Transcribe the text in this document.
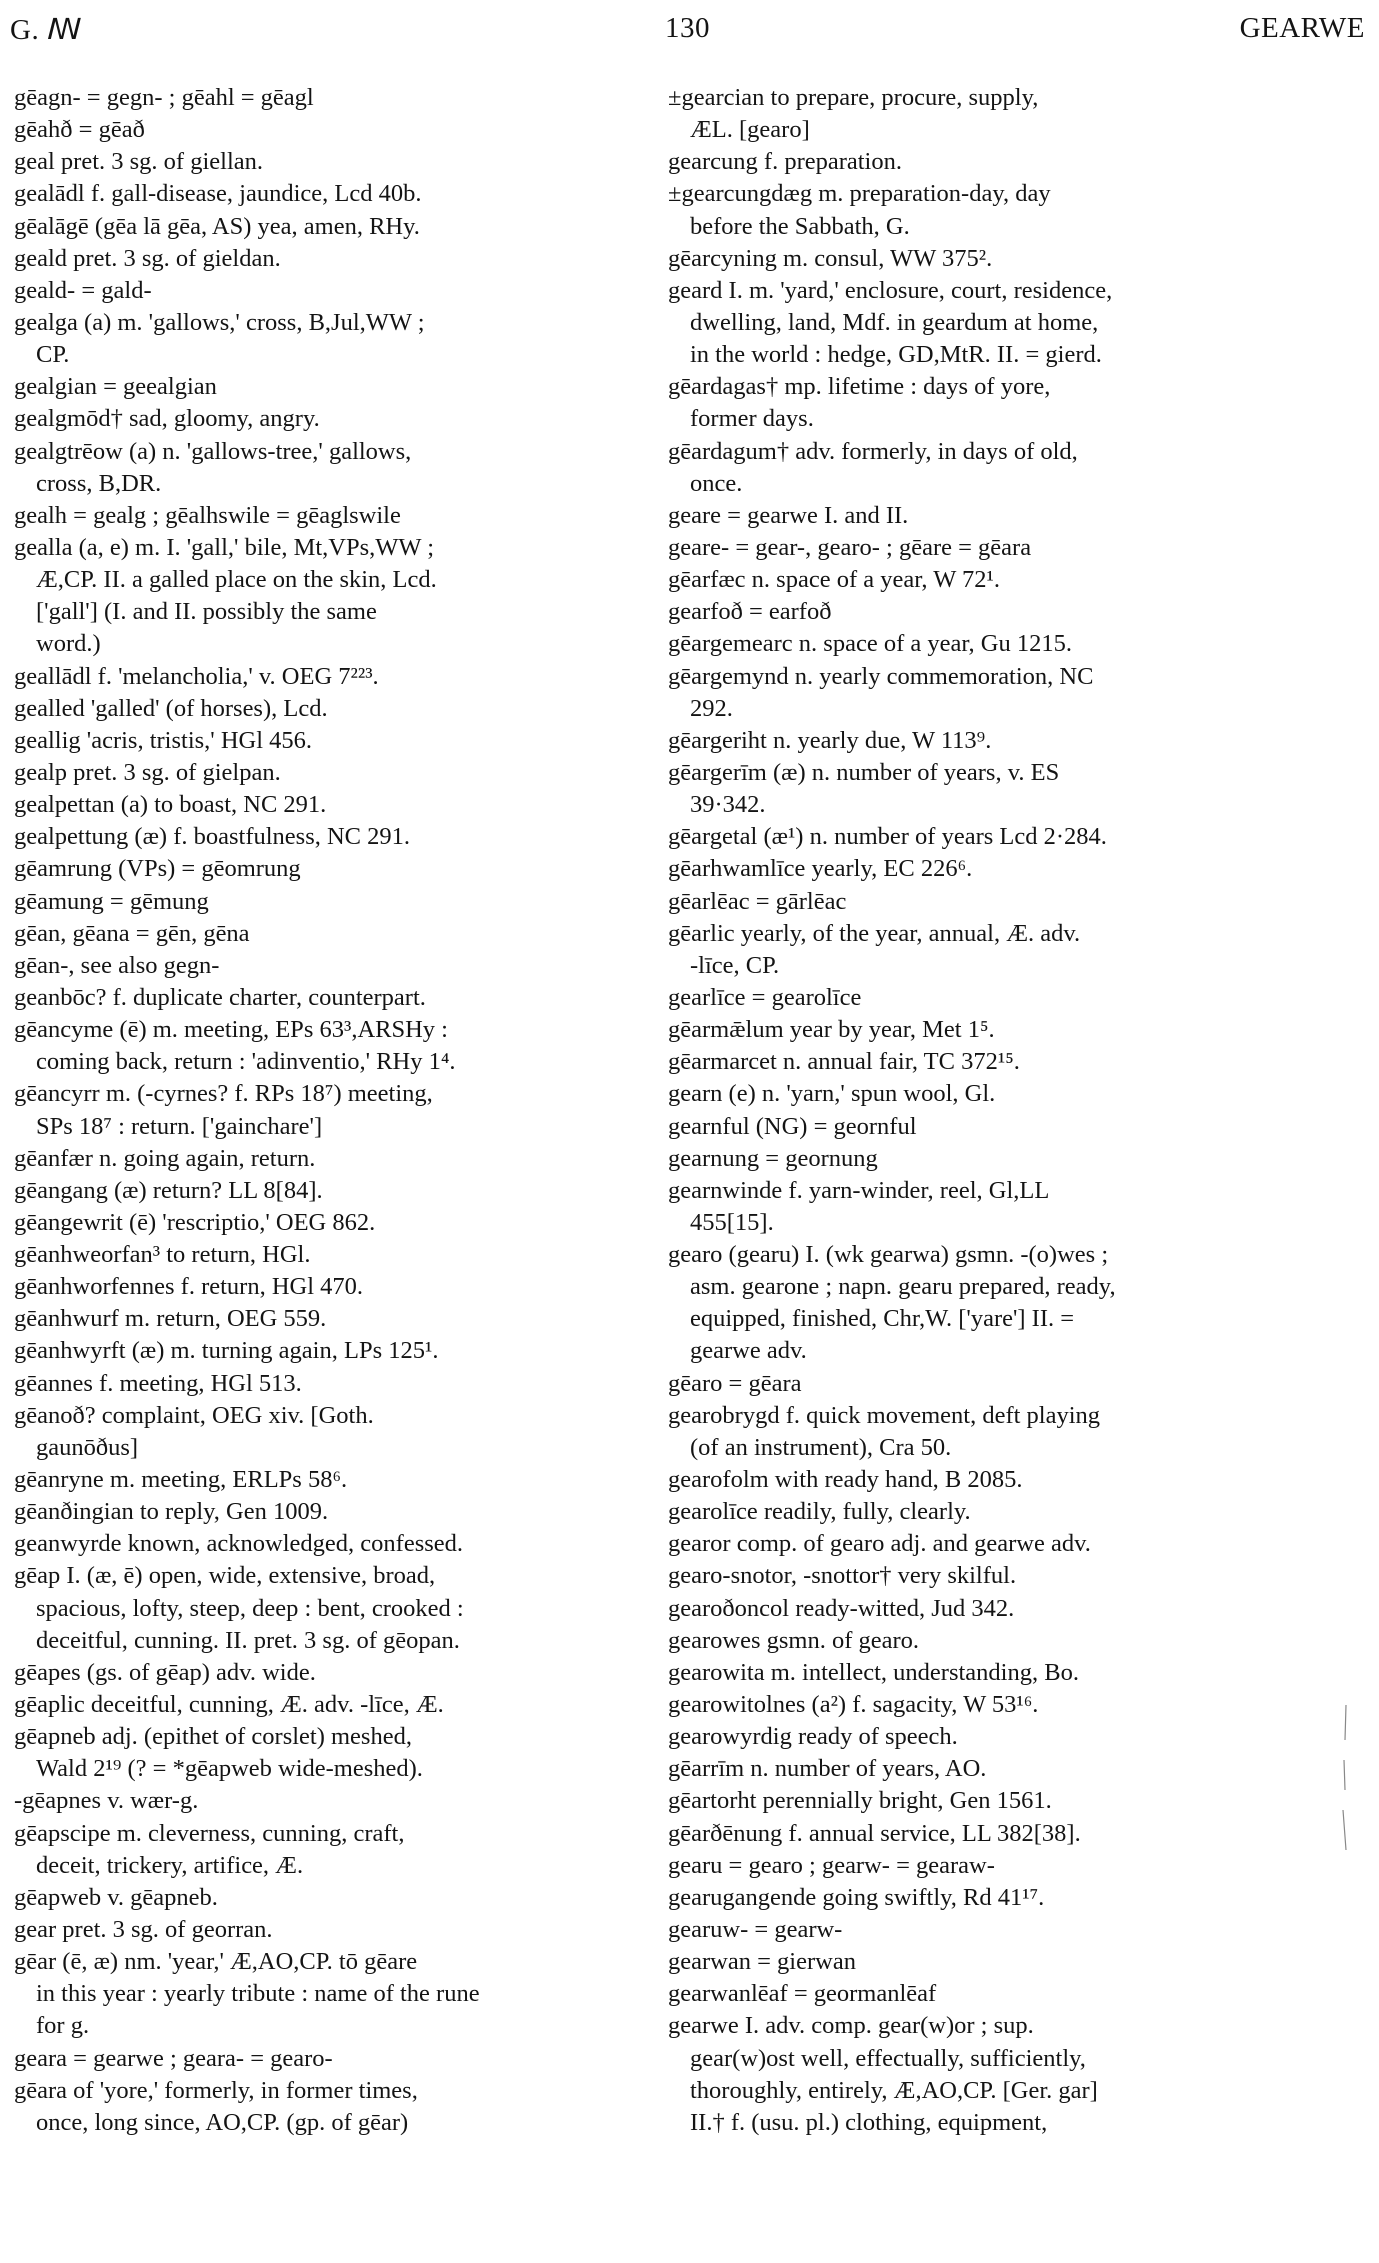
G. ꟿ	130	GEARWE
gēagn- = gegn- ; gēahl = gēagl
gēahð = gēað
geal pret. 3 sg. of giellan.
gealādl f. gall-disease, jaundice, Lcd 40b.
gēalāgē (gēa lā gēa, AS) yea, amen, RHy.
geald pret. 3 sg. of gieldan.
geald- = gald-
gealga (a) m. 'gallows,' cross, B,Jul,WW ;
CP.
gealgian = geealgian
gealgmōd† sad, gloomy, angry.
gealgtrēow (a) n. 'gallows-tree,' gallows,
cross, B,DR.
gealh = gealg ; gēalhswile = gēaglswile
gealla (a, e) m. I. 'gall,' bile, Mt,VPs,WW ;
Æ,CP. II. a galled place on the skin, Lcd.
['gall'] (I. and II. possibly the same
word.)
geallādl f. 'melancholia,' v. OEG 7²²³.
gealled 'galled' (of horses), Lcd.
geallig 'acris, tristis,' HGl 456.
gealp pret. 3 sg. of gielpan.
gealpettan (a) to boast, NC 291.
gealpettung (æ) f. boastfulness, NC 291.
gēamrung (VPs) = gēomrung
gēamung = gēmung
gēan, gēana = gēn, gēna
gēan-, see also gegn-
geanbōc? f. duplicate charter, counterpart.
gēancyme (ē) m. meeting, EPs 63³,ARSHy :
coming back, return : 'adinventio,' RHy 1⁴.
gēancyrr m. (-cyrnes? f. RPs 18⁷) meeting,
SPs 18⁷ : return. ['gainchare']
gēanfær n. going again, return.
gēangang (æ) return? LL 8[84].
gēangewrit (ē) 'rescriptio,' OEG 862.
gēanhweorfan³ to return, HGl.
gēanhworfennes f. return, HGl 470.
gēanhwurf m. return, OEG 559.
gēanhwyrft (æ) m. turning again, LPs 125¹.
gēannes f. meeting, HGl 513.
gēanoð? complaint, OEG xiv. [Goth.
gaunōðus]
gēanryne m. meeting, ERLPs 58⁶.
gēanðingian to reply, Gen 1009.
geanwyrde known, acknowledged, confessed.
gēap I. (æ, ē) open, wide, extensive, broad,
spacious, lofty, steep, deep : bent, crooked :
deceitful, cunning. II. pret. 3 sg. of gēopan.
gēapes (gs. of gēap) adv. wide.
gēaplic deceitful, cunning, Æ. adv. -līce, Æ.
gēapneb adj. (epithet of corslet) meshed,
Wald 2¹⁹ (? = *gēapweb wide-meshed).
-gēapnes v. wær-g.
gēapscipe m. cleverness, cunning, craft,
deceit, trickery, artifice, Æ.
gēapweb v. gēapneb.
gear pret. 3 sg. of georran.
gēar (ē, æ) nm. 'year,' Æ,AO,CP. tō gēare
in this year : yearly tribute : name of the rune
for g.
geara = gearwe ; geara- = gearo-
gēara of 'yore,' formerly, in former times,
once, long since, AO,CP. (gp. of gēar)
±gearcian to prepare, procure, supply,
ÆL. [gearo]
gearcung f. preparation.
±gearcungdæg m. preparation-day, day
before the Sabbath, G.
gēarcyning m. consul, WW 375².
geard I. m. 'yard,' enclosure, court, residence,
dwelling, land, Mdf. in geardum at home,
in the world : hedge, GD,MtR. II. = gierd.
gēardagas† mp. lifetime : days of yore,
former days.
gēardagum† adv. formerly, in days of old,
once.
geare = gearwe I. and II.
geare- = gear-, gearo- ; gēare = gēara
gēarfæc n. space of a year, W 72¹.
gearfoð = earfoð
gēargemearc n. space of a year, Gu 1215.
gēargemynd n. yearly commemoration, NC
292.
gēargeriht n. yearly due, W 113⁹.
gēargerīm (æ) n. number of years, v. ES
39·342.
gēargetal (æ¹) n. number of years Lcd 2·284.
gēarhwamlīce yearly, EC 226⁶.
gēarlēac = gārlēac
gēarlic yearly, of the year, annual, Æ. adv.
-līce, CP.
gearlīce = gearolīce
gēarmǣlum year by year, Met 1⁵.
gēarmarcet n. annual fair, TC 372¹⁵.
gearn (e) n. 'yarn,' spun wool, Gl.
gearnful (NG) = geornful
gearnung = geornung
gearnwinde f. yarn-winder, reel, Gl,LL
455[15].
gearo (gearu) I. (wk gearwa) gsmn. -(o)wes ;
asm. gearone ; napn. gearu prepared, ready,
equipped, finished, Chr,W. ['yare'] II. =
gearwe adv.
gēaro = gēara
gearobrygd f. quick movement, deft playing
(of an instrument), Cra 50.
gearofolm with ready hand, B 2085.
gearolīce readily, fully, clearly.
gearor comp. of gearo adj. and gearwe adv.
gearo-snotor, -snottor† very skilful.
gearoðoncol ready-witted, Jud 342.
gearowes gsmn. of gearo.
gearowita m. intellect, understanding, Bo.
gearowitolnes (a²) f. sagacity, W 53¹⁶.
gearowyrdig ready of speech.
gēarrīm n. number of years, AO.
gēartorht perennially bright, Gen 1561.
gēarðēnung f. annual service, LL 382[38].
gearu = gearo ; gearw- = gearaw-
gearugangende going swiftly, Rd 41¹⁷.
gearuw- = gearw-
gearwan = gierwan
gearwanlēaf = geormanlēaf
gearwe I. adv. comp. gear(w)or ; sup.
gear(w)ost well, effectually, sufficiently,
thoroughly, entirely, Æ,AO,CP. [Ger. gar]
II.† f. (usu. pl.) clothing, equipment,
